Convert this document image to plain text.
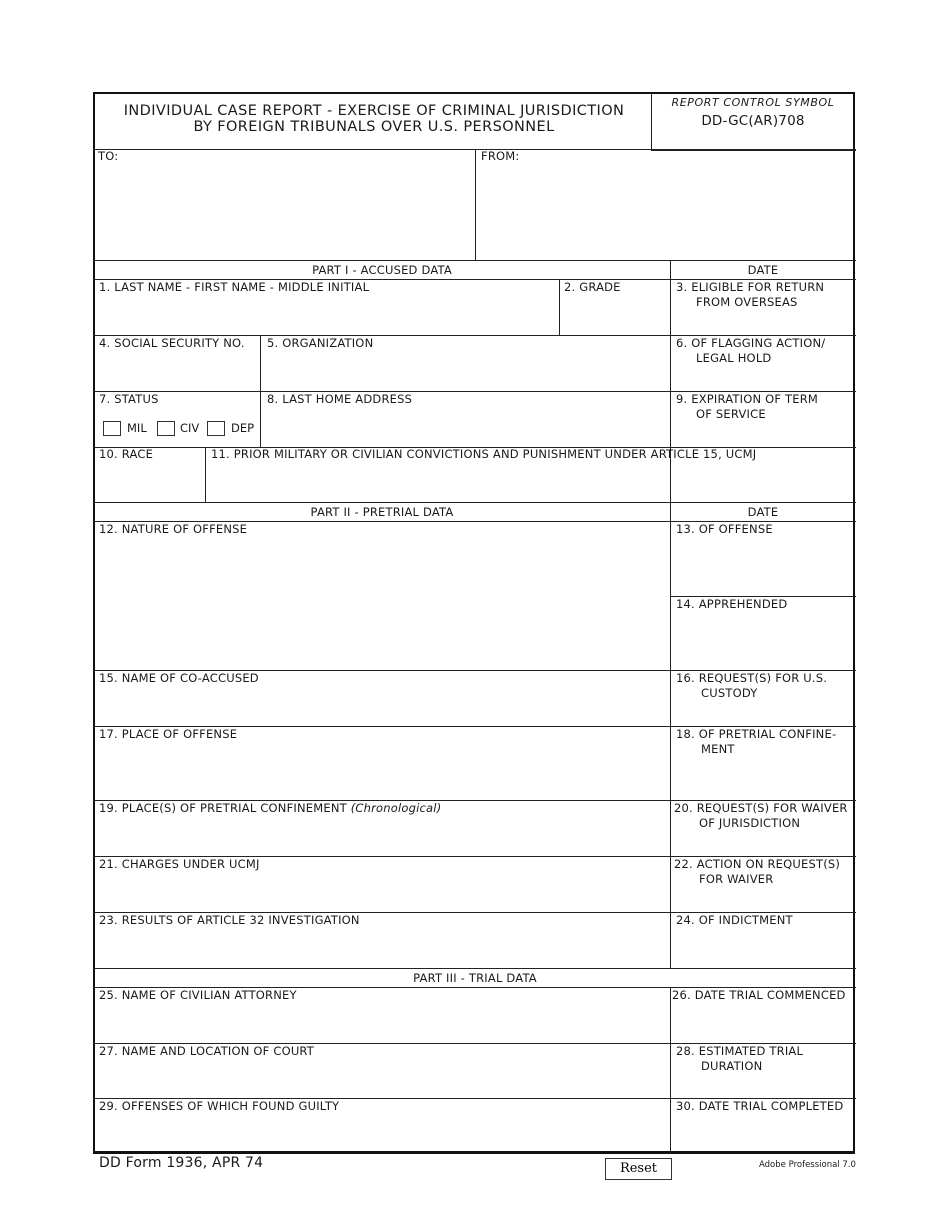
INDIVIDUAL CASE REPORT - EXERCISE OF CRIMINAL JURISDICTION
BY FOREIGN TRIBUNALS OVER U.S. PERSONNEL
REPORT CONTROL SYMBOL
DD-GC(AR)708
TO:	FROM:
PART I - ACCUSED DATA	DATE
1. LAST NAME - FIRST NAME - MIDDLE INITIAL	2. GRADE	3. ELIGIBLE FOR RETURN
FROM OVERSEAS
4. SOCIAL SECURITY NO. 5. ORGANIZATION	6. OF FLAGGING ACTION/
LEGAL HOLD
7. STATUS
MIL	CIV	DEP
8. LAST HOME ADDRESS	9. EXPIRATION OF TERM
OF SERVICE
10. RACE	11. PRIOR MILITARY OR CIVILIAN CONVICTIONS AND PUNISHMENT UNDER ARTICLE 15, UCMJ
PART II - PRETRIAL DATA	DATE
12. NATURE OF OFFENSE	13. OF OFFENSE
14. APPREHENDED
15. NAME OF CO-ACCUSED	16. REQUEST(S) FOR U.S.
CUSTODY
17. PLACE OF OFFENSE	18. OF PRETRIAL CONFINE-
MENT
19. PLACE(S) OF PRETRIAL CONFINEMENT (Chronological)	20. REQUEST(S) FOR WAIVER
OF JURISDICTION
21. CHARGES UNDER UCMJ	22. ACTION ON REQUEST(S)
FOR WAIVER
23. RESULTS OF ARTICLE 32 INVESTIGATION	24. OF INDICTMENT
PART III - TRIAL DATA
25. NAME OF CIVILIAN ATTORNEY	26. DATE TRIAL COMMENCED
27. NAME AND LOCATION OF COURT	28. ESTIMATED TRIAL
DURATION
29. OFFENSES OF WHICH FOUND GUILTY	30. DATE TRIAL COMPLETED
DD Form 1936, APR 74	Reset	Adobe Professional 7.0
